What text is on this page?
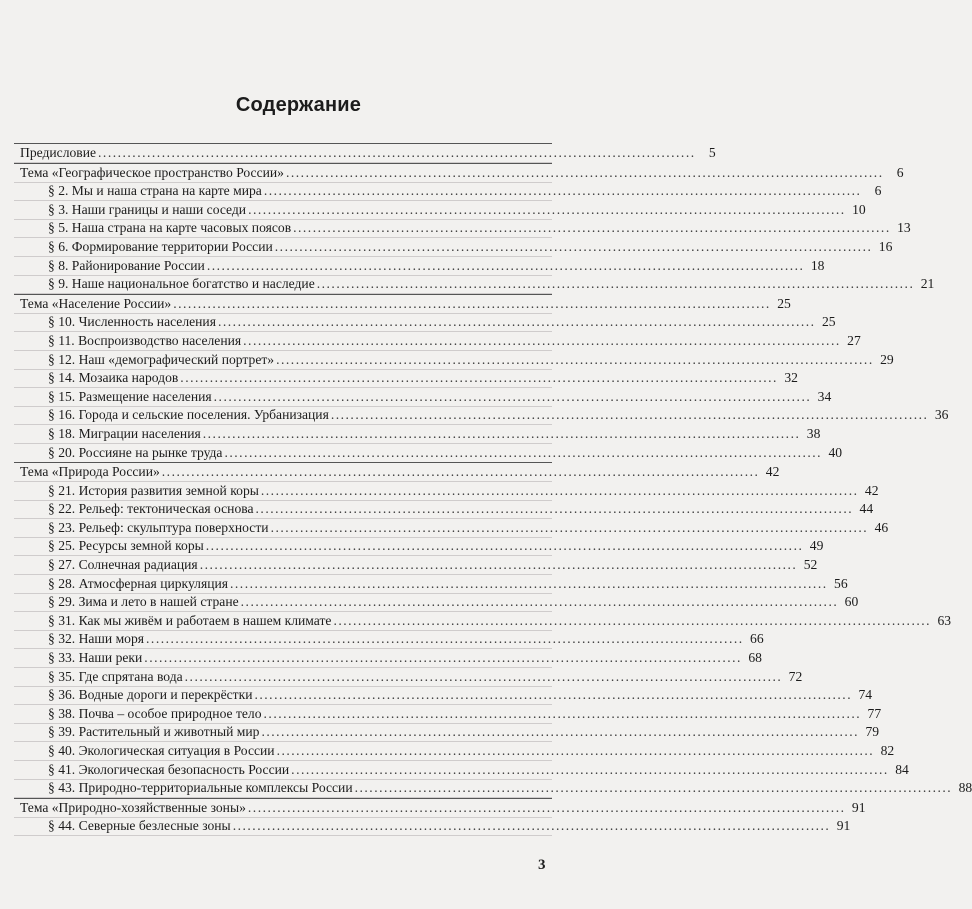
Содержание
Предисловие .......................................................................................................................... 5
Тема «Географическое пространство России» .......................................................................................................................... 6
§ 2. Мы и наша страна на карте мира .......................................................................................................................... 6
§ 3. Наши границы и наши соседи .......................................................................................................................... 10
§ 5. Наша страна на карте часовых поясов .......................................................................................................................... 13
§ 6. Формирование территории России .......................................................................................................................... 16
§ 8. Районирование России .......................................................................................................................... 18
§ 9. Наше национальное богатство и наследие .......................................................................................................................... 21
Тема «Население России» .......................................................................................................................... 25
§ 10. Численность населения .......................................................................................................................... 25
§ 11. Воспроизводство населения .......................................................................................................................... 27
§ 12. Наш «демографический портрет» .......................................................................................................................... 29
§ 14. Мозаика народов .......................................................................................................................... 32
§ 15. Размещение населения .......................................................................................................................... 34
§ 16. Города и сельские поселения. Урбанизация .......................................................................................................................... 36
§ 18. Миграции населения .......................................................................................................................... 38
§ 20. Россияне на рынке труда .......................................................................................................................... 40
Тема «Природа России» .......................................................................................................................... 42
§ 21. История развития земной коры .......................................................................................................................... 42
§ 22. Рельеф: тектоническая основа .......................................................................................................................... 44
§ 23. Рельеф: скульптура поверхности .......................................................................................................................... 46
§ 25. Ресурсы земной коры .......................................................................................................................... 49
§ 27. Солнечная радиация .......................................................................................................................... 52
§ 28. Атмосферная циркуляция .......................................................................................................................... 56
§ 29. Зима и лето в нашей стране .......................................................................................................................... 60
§ 31. Как мы живём и работаем в нашем климате .......................................................................................................................... 63
§ 32. Наши моря .......................................................................................................................... 66
§ 33. Наши реки .......................................................................................................................... 68
§ 35. Где спрятана вода .......................................................................................................................... 72
§ 36. Водные дороги и перекрёстки .......................................................................................................................... 74
§ 38. Почва – особое природное тело .......................................................................................................................... 77
§ 39. Растительный и животный мир .......................................................................................................................... 79
§ 40. Экологическая ситуация в России .......................................................................................................................... 82
§ 41. Экологическая безопасность России .......................................................................................................................... 84
§ 43. Природно-территориальные комплексы России .......................................................................................................................... 88
Тема «Природно-хозяйственные зоны» .......................................................................................................................... 91
§ 44. Северные безлесные зоны .......................................................................................................................... 91
3
